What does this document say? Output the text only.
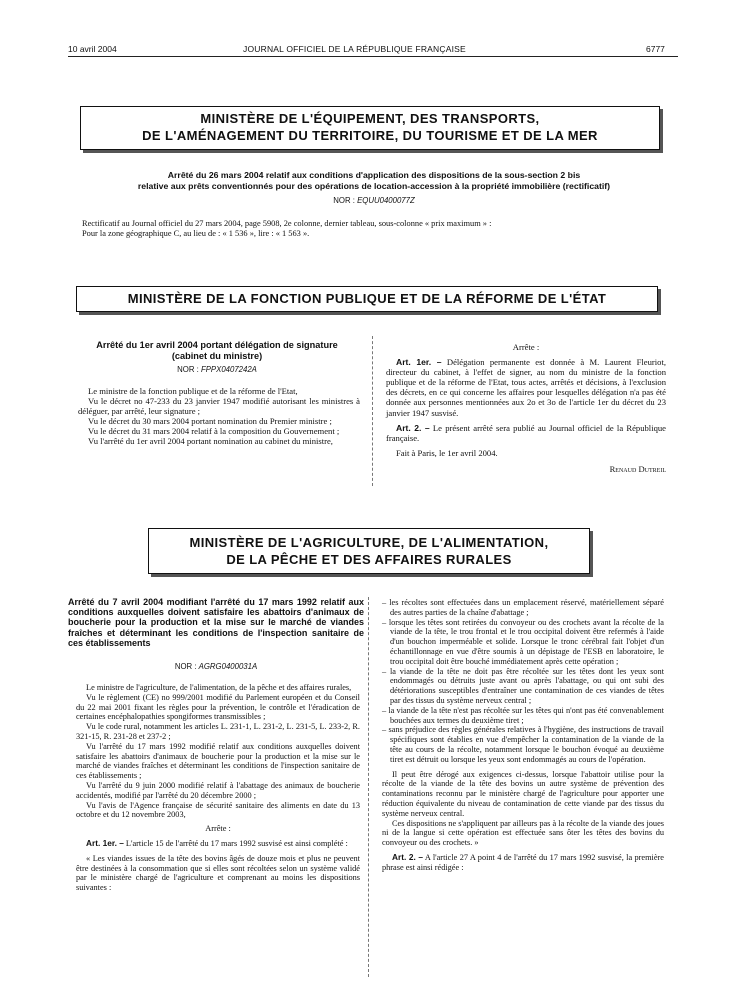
10 avril 2004	JOURNAL OFFICIEL DE LA RÉPUBLIQUE FRANÇAISE	6777
MINISTÈRE DE L'ÉQUIPEMENT, DES TRANSPORTS,
DE L'AMÉNAGEMENT DU TERRITOIRE, DU TOURISME ET DE LA MER
Arrêté du 26 mars 2004 relatif aux conditions d'application des dispositions de la sous-section 2 bis
relative aux prêts conventionnés pour des opérations de location-accession à la propriété immobilière (rectificatif)
NOR : EQUU0400077Z
Rectificatif au Journal officiel du 27 mars 2004, page 5908, 2e colonne, dernier tableau, sous-colonne « prix maximum » :
Pour la zone géographique C, au lieu de : « 1 536 », lire : « 1 563 ».
MINISTÈRE DE LA FONCTION PUBLIQUE ET DE LA RÉFORME DE L'ÉTAT
Arrêté du 1er avril 2004 portant délégation de signature
(cabinet du ministre)
NOR : FPPX0407242A

Le ministre de la fonction publique et de la réforme de l'Etat,

Vu le décret no 47-233 du 23 janvier 1947 modifié autorisant les ministres à déléguer, par arrêté, leur signature ;

Vu le décret du 30 mars 2004 portant nomination du Premier ministre ;

Vu le décret du 31 mars 2004 relatif à la composition du Gouvernement ;

Vu l'arrêté du 1er avril 2004 portant nomination au cabinet du ministre,

Arrête :

Art. 1er. – Délégation permanente est donnée à M. Laurent Fleuriot, directeur du cabinet, à l'effet de signer, au nom du ministre de la fonction publique et de la réforme de l'Etat, tous actes, arrêtés et décisions, à l'exclusion des décrets, en ce qui concerne les affaires pour lesquelles délégation n'a pas été donnée aux personnes mentionnées aux 2o et 3o de l'article 1er du décret du 23 janvier 1947 susvisé.

Art. 2. – Le présent arrêté sera publié au Journal officiel de la République française.

Fait à Paris, le 1er avril 2004.

Renaud Dutreil
MINISTÈRE DE L'AGRICULTURE, DE L'ALIMENTATION,
DE LA PÊCHE ET DES AFFAIRES RURALES
Arrêté du 7 avril 2004 modifiant l'arrêté du 17 mars 1992 relatif aux conditions auxquelles doivent satisfaire les abattoirs d'animaux de boucherie pour la production et la mise sur le marché de viandes fraîches et déterminant les conditions de l'inspection sanitaire de ces établissements
NOR : AGRG0400031A

Le ministre de l'agriculture, de l'alimentation, de la pêche et des affaires rurales,

Vu le règlement (CE) no 999/2001 modifié du Parlement européen et du Conseil du 22 mai 2001 fixant les règles pour la prévention, le contrôle et l'éradication de certaines encéphalopathies spongiformes transmissibles ;

Vu le code rural, notamment les articles L. 231-1, L. 231-2, L. 231-5, L. 233-2, R. 321-15, R. 231-28 et 237-2 ;

Vu l'arrêté du 17 mars 1992 modifié relatif aux conditions auxquelles doivent satisfaire les abattoirs d'animaux de boucherie pour la production et la mise sur le marché de viandes fraîches et déterminant les conditions de l'inspection sanitaire de ces établissements ;

Vu l'arrêté du 9 juin 2000 modifié relatif à l'abattage des animaux de boucherie accidentés, modifié par l'arrêté du 20 décembre 2000 ;

Vu l'avis de l'Agence française de sécurité sanitaire des aliments en date du 13 octobre et du 12 novembre 2003,

Arrête :

Art. 1er. – L'article 15 de l'arrêté du 17 mars 1992 susvisé est ainsi complété :

« Les viandes issues de la tête des bovins âgés de douze mois et plus ne peuvent être destinées à la consommation que si elles sont récoltées selon un système validé par le ministère chargé de l'agriculture et comprenant au moins les dispositions suivantes :

– les récoltes sont effectuées dans un emplacement réservé, matériellement séparé des autres parties de la chaîne d'abattage ;

– lorsque les têtes sont retirées du convoyeur ou des crochets avant la récolte de la viande de la tête, le trou frontal et le trou occipital doivent être refermés à l'aide d'un bouchon imperméable et solide. Lorsque le tronc cérébral fait l'objet d'un échantillonnage en vue d'être soumis à un dépistage de l'ESB en laboratoire, le trou occipital doit être bouché immédiatement après cette opération ;

– la viande de la tête ne doit pas être récoltée sur les têtes dont les yeux sont endommagés ou détruits juste avant ou après l'abattage, ou qui ont subi des détériorations susceptibles d'entraîner une contamination de ces viandes de têtes par des tissus du système nerveux central ;

– la viande de la tête n'est pas récoltée sur les têtes qui n'ont pas été convenablement bouchées aux termes du deuxième tiret ;

– sans préjudice des règles générales relatives à l'hygiène, des instructions de travail spécifiques sont établies en vue d'empêcher la contamination de la viande de la tête au cours de la récolte, notamment lorsque le bouchon évoqué au deuxième tiret est détruit ou lorsque les yeux sont endommagés au cours de l'opération.

Il peut être dérogé aux exigences ci-dessus, lorsque l'abattoir utilise pour la récolte de la viande de la tête des bovins un autre système de prévention des contaminations reconnu par le ministère chargé de l'agriculture pour apporter une réduction équivalente du niveau de contamination de cette viande par des tissus du système nerveux central.

Ces dispositions ne s'appliquent par ailleurs pas à la récolte de la viande des joues ni de la langue si cette opération est effectuée sans ôter les têtes des bovins du convoyeur ou des crochets. »

Art. 2. – A l'article 27 A point 4 de l'arrêté du 17 mars 1992 susvisé, la première phrase est ainsi rédigée :
